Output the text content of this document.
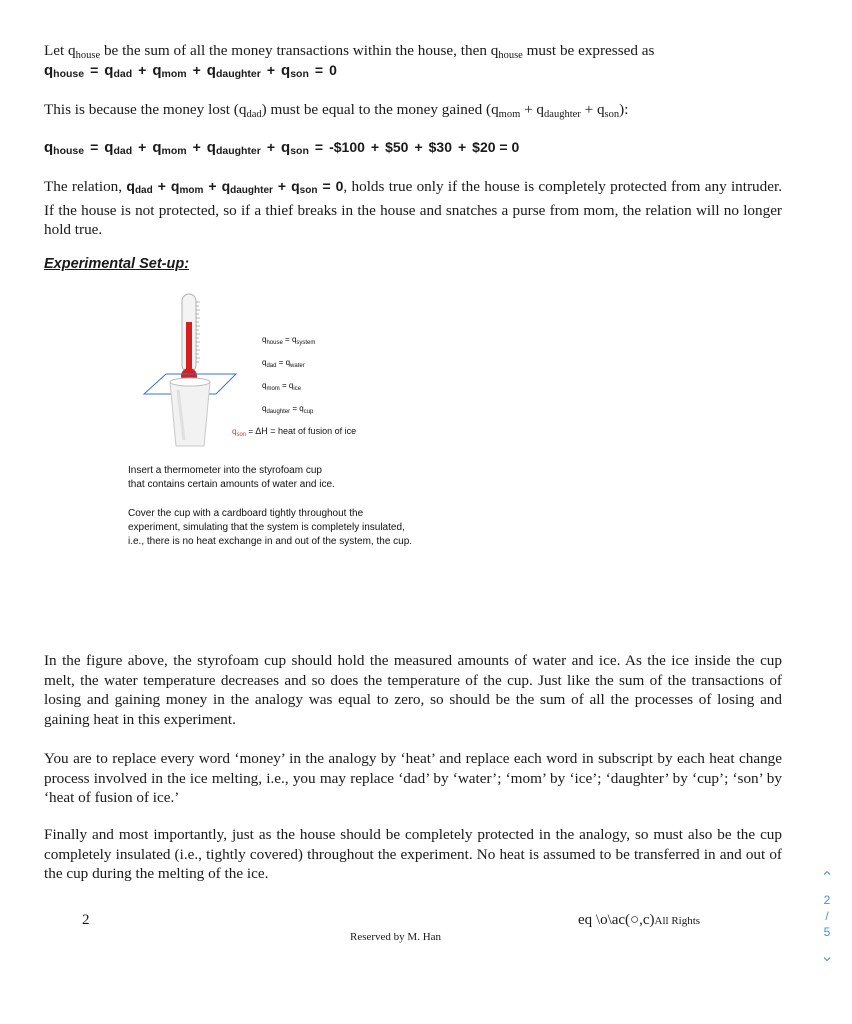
Let $q_{house}$ be the sum of all the money transactions within the house, then $q_{house}$ must be expressed as

qhouse = qdad + qmom + qdaughter + qson = 0

This is because the money lost $(q_{dad})$ must be equal to the money gained $(q_{mom} + q_{daughter} + q_{son})$:

qhouse = qdad + qmom + qdaughter + qson = -$100 + $50 + $30 + $20 = 0

The relation, qdad + qmom + qdaughter + qson = 0, holds true only if the house is completely protected from any intruder. If the house is not protected, so if a thief breaks in the house and snatches a purse from mom, the relation will no longer hold true.

Experimental Set-up:

$q_{house} = q_{system}$
$q_{dad} = q_{water}$
$q_{mom} = q_{ice}$
$q_{daughter} = q_{cup}$
$q_{son} = \Delta H$ = heat of fusion of ice

Insert a thermometer into the styrofoam cup
that contains certain amounts of water and ice.

Cover the cup with a cardboard tightly throughout the
experiment, simulating that the system is completely insulated,
i.e., there is no heat exchange in and out of the system, the cup.

In the figure above, the styrofoam cup should hold the measured amounts of water and ice. As the ice inside the cup melt, the water temperature decreases and so does the temperature of the cup. Just like the sum of the transactions of losing and gaining money in the analogy was equal to zero, so should be the sum of all the processes of losing and gaining heat in this experiment.

You are to replace every word ‘money’ in the analogy by ‘heat’ and replace each word in subscript by each heat change process involved in the ice melting, i.e., you may replace ‘dad’ by ‘water’; ‘mom’ by ‘ice’; ‘daughter’ by ‘cup’; ‘son’ by ‘heat of fusion of ice.’

Finally and most importantly, just as the house should be completely protected in the analogy, so must also be the cup completely insulated (i.e., tightly covered) throughout the experiment. No heat is assumed to be transferred in and out of the cup during the melting of the ice.

2	eq \o\ac(○,c)All Rights
Reserved by M. Han
‹
2
/
5
›
